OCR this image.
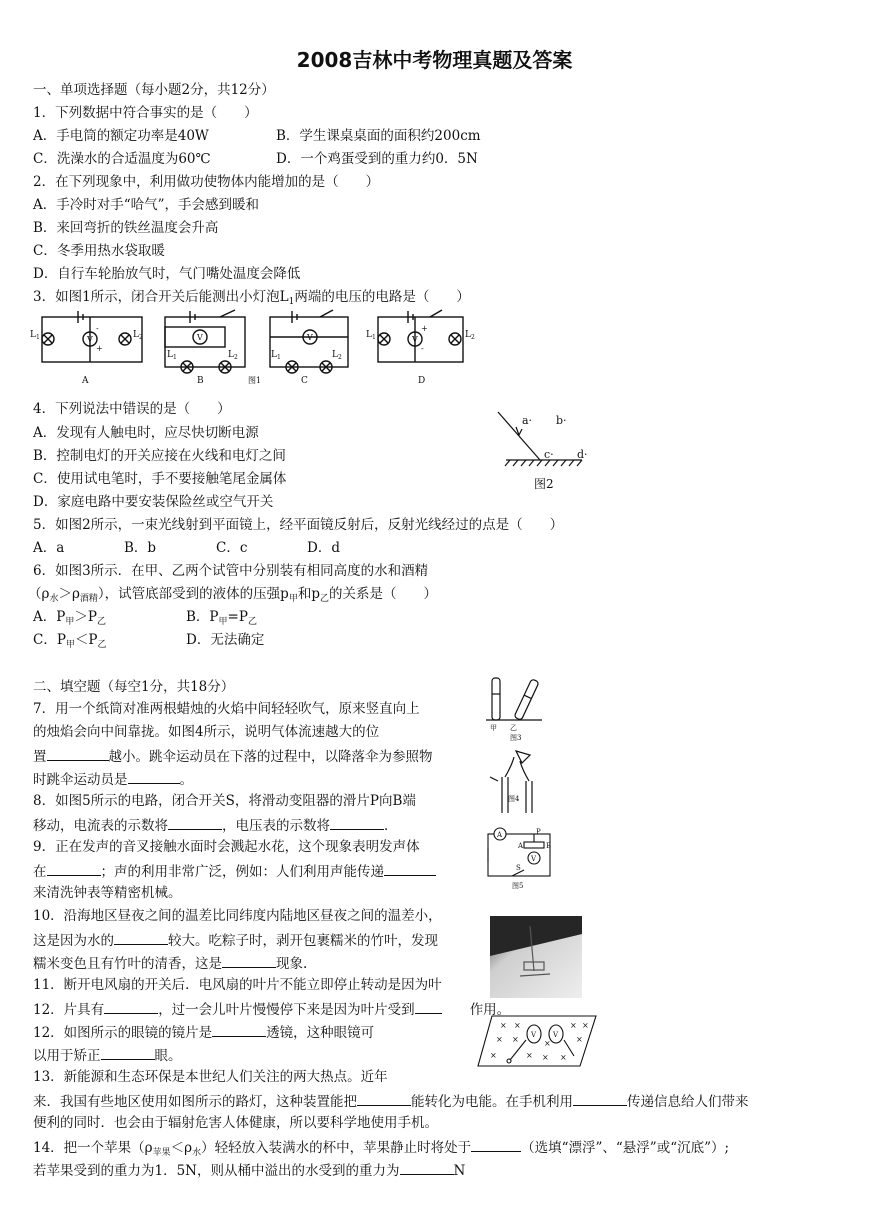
2008吉林中考物理真题及答案
一、单项选择题（每小题2分，共12分）
1．下列数据中符合事实的是（　　）
A．手电筒的额定功率是40W	B．学生课桌桌面的面积约200cm
C．洗澡水的合适温度为60℃	D．一个鸡蛋受到的重力约0．5N
2．在下列现象中，利用做功使物体内能增加的是（　　）
A．手冷时对手“哈气”，手会感到暖和
B．来回弯折的铁丝温度会升高
C．冬季用热水袋取暖
D．自行车轮胎放气时，气门嘴处温度会降低
3．如图1所示，闭合开关后能测出小灯泡$L_1$两端的电压的电路是（　　）
$L_1$	$L_2$
V
-
+
V
$L_1$	$L_2$
V
$L_1$	$L_2$
$L_1$	$L_2$
V
+
-
A	B	C	D
图1
4．下列说法中错误的是（　　）
A．发现有人触电时，应尽快切断电源
B．控制电灯的开关应接在火线和电灯之间
C．使用试电笔时，手不要接触笔尾金属体
D．家庭电路中要安装保险丝或空气开关
a· b·
c· d·
图2
5．如图2所示，一束光线射到平面镜上，经平面镜反射后，反射光线经过的点是（　　）
A．a	B．b	C．c	D．d
6．如图3所示．在甲、乙两个试管中分别装有相同高度的水和酒精
$(\rho_水>\rho_{酒精})$，试管底部受到的液体的压强$p_甲$和$p_乙$的关系是（　　）
A．$P_甲>P_乙$	B．$P_甲=P_乙$
C．$P_甲<P_乙$	D．无法确定
二、填空题（每空1分，共18分）
7．用一个纸筒对准两根蜡烛的火焰中间轻轻吹气，原来竖直向上
的烛焰会向中间靠拢。如图4所示，说明气体流速越大的位
置	越小。跳伞运动员在下落的过程中，以降落伞为参照物
时跳伞运动员是	。
8．如图5所示的电路，闭合开关S，将滑动变阻器的滑片P向B端
移动，电流表的示数将	，电压表的示数将	．
9．正在发声的音叉接触水面时会溅起水花，这个现象表明发声体
在	；声的利用非常广泛，例如：人们利用声能传递
来清洗钟表等精密机械。
10．沿海地区昼夜之间的温差比同纬度内陆地区昼夜之间的温差小，
这是因为水的	较大。吃粽子时，剥开包裹糯米的竹叶，发现
糯米变色且有竹叶的清香，这是	现象.
11．断开电风扇的开关后．电风扇的叶片不能立即停止转动是因为叶
12．片具有	，过一会儿叶片慢慢停下来是因为叶片受到	作用。
12．如图所示的眼镜的镜片是	透镜，这种眼镜可
以用于矫正	眼。
13．新能源和生态环保是本世纪人们关注的两大热点。近年
来．我国有些地区使用如图所示的路灯，这种装置能把	能转化为电能。在手机利用	传递信息给人们带来
便利的同时．也会由于辐射危害人体健康，所以要科学地使用手机。
14．把一个苹果$(\rho_{苹果}<\rho_水)$轻轻放入装满水的杯中，苹果静止时将处于	（选填“漂浮”、“悬浮”或“沉底”）;
若苹果受到的重力为1．5N，则从桶中溢出的水受到的重力为	N
甲 乙
图3
图4
A
V
P
A	B
S
图5
× ×	× ×
× ×	×	×
×	× × ×
V V
